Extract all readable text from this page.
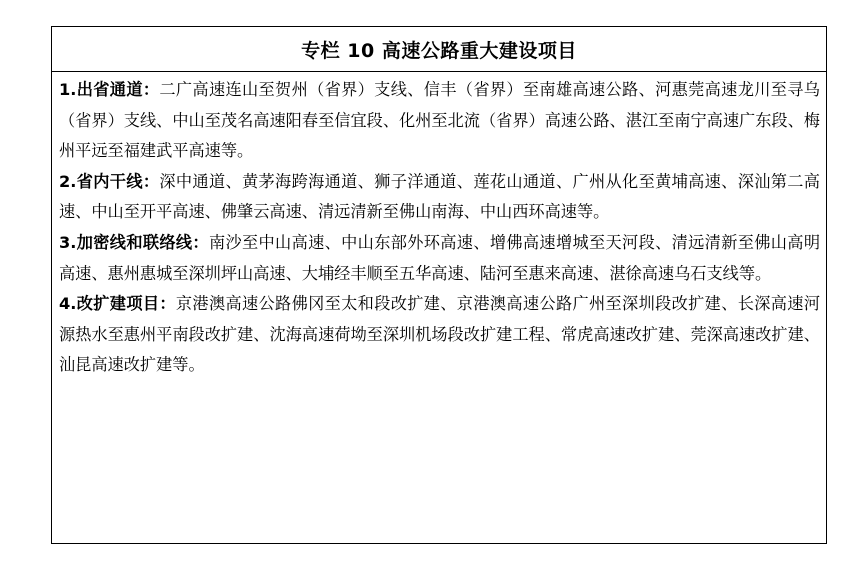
专栏 10 高速公路重大建设项目

1.出省通道：二广高速连山至贺州（省界）支线、信丰（省界）至南雄高速公路、河惠莞高速龙川至寻乌（省界）支线、中山至茂名高速阳春至信宜段、化州至北流（省界）高速公路、湛江至南宁高速广东段、梅州平远至福建武平高速等。

2.省内干线：深中通道、黄茅海跨海通道、狮子洋通道、莲花山通道、广州从化至黄埔高速、深汕第二高速、中山至开平高速、佛肇云高速、清远清新至佛山南海、中山西环高速等。

3.加密线和联络线：南沙至中山高速、中山东部外环高速、增佛高速增城至天河段、清远清新至佛山高明高速、惠州惠城至深圳坪山高速、大埔经丰顺至五华高速、陆河至惠来高速、湛徐高速乌石支线等。

4.改扩建项目：京港澳高速公路佛冈至太和段改扩建、京港澳高速公路广州至深圳段改扩建、长深高速河源热水至惠州平南段改扩建、沈海高速荷坳至深圳机场段改扩建工程、常虎高速改扩建、莞深高速改扩建、汕昆高速改扩建等。
